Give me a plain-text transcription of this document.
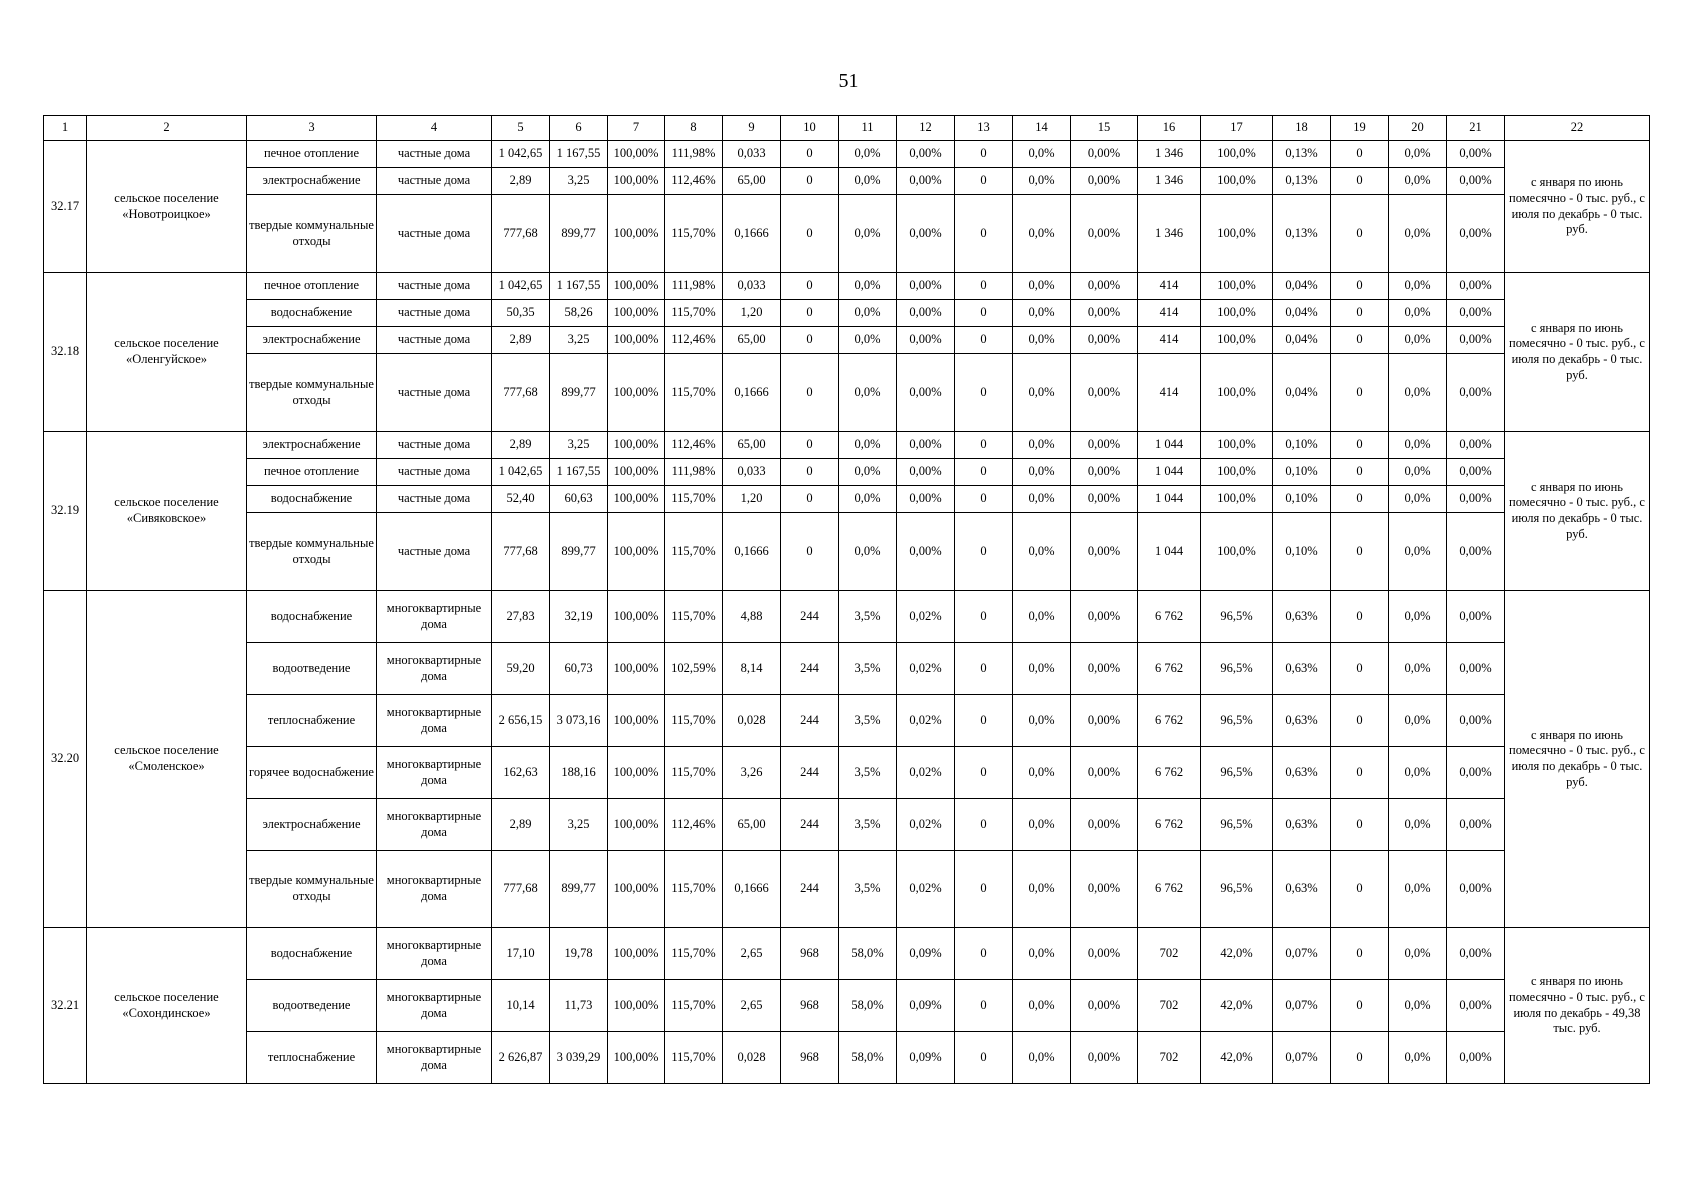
51
1	2	3	4	5	6	7	8	9	10	11	12	13	14	15	16	17	18	19	20	21	22
32.17	сельское поселение «Новотроицкое»	печное отопление	частные дома	1 042,65	1 167,55	100,00%	111,98%	0,033	0	0,0%	0,00%	0	0,0%	0,00%	1 346	100,0%	0,13%	0	0,0%	0,00%	с января по июнь помесячно - 0 тыс. руб., с июля по декабрь - 0 тыс. руб.
		электроснабжение	частные дома	2,89	3,25	100,00%	112,46%	65,00	0	0,0%	0,00%	0	0,0%	0,00%	1 346	100,0%	0,13%	0	0,0%	0,00%	
		твердые коммунальные отходы	частные дома	777,68	899,77	100,00%	115,70%	0,1666	0	0,0%	0,00%	0	0,0%	0,00%	1 346	100,0%	0,13%	0	0,0%	0,00%	
32.18	сельское поселение «Оленгуйское»	печное отопление	частные дома	1 042,65	1 167,55	100,00%	111,98%	0,033	0	0,0%	0,00%	0	0,0%	0,00%	414	100,0%	0,04%	0	0,0%	0,00%	с января по июнь помесячно - 0 тыс. руб., с июля по декабрь - 0 тыс. руб.
		водоснабжение	частные дома	50,35	58,26	100,00%	115,70%	1,20	0	0,0%	0,00%	0	0,0%	0,00%	414	100,0%	0,04%	0	0,0%	0,00%	
		электроснабжение	частные дома	2,89	3,25	100,00%	112,46%	65,00	0	0,0%	0,00%	0	0,0%	0,00%	414	100,0%	0,04%	0	0,0%	0,00%	
		твердые коммунальные отходы	частные дома	777,68	899,77	100,00%	115,70%	0,1666	0	0,0%	0,00%	0	0,0%	0,00%	414	100,0%	0,04%	0	0,0%	0,00%	
32.19	сельское поселение «Сивяковское»	электроснабжение	частные дома	2,89	3,25	100,00%	112,46%	65,00	0	0,0%	0,00%	0	0,0%	0,00%	1 044	100,0%	0,10%	0	0,0%	0,00%	с января по июнь помесячно - 0 тыс. руб., с июля по декабрь - 0 тыс. руб.
		печное отопление	частные дома	1 042,65	1 167,55	100,00%	111,98%	0,033	0	0,0%	0,00%	0	0,0%	0,00%	1 044	100,0%	0,10%	0	0,0%	0,00%	
		водоснабжение	частные дома	52,40	60,63	100,00%	115,70%	1,20	0	0,0%	0,00%	0	0,0%	0,00%	1 044	100,0%	0,10%	0	0,0%	0,00%	
		твердые коммунальные отходы	частные дома	777,68	899,77	100,00%	115,70%	0,1666	0	0,0%	0,00%	0	0,0%	0,00%	1 044	100,0%	0,10%	0	0,0%	0,00%	
32.20	сельское поселение «Смоленское»	водоснабжение	многоквартирные дома	27,83	32,19	100,00%	115,70%	4,88	244	3,5%	0,02%	0	0,0%	0,00%	6 762	96,5%	0,63%	0	0,0%	0,00%	с января по июнь помесячно - 0 тыс. руб., с июля по декабрь - 0 тыс. руб.
		водоотведение	многоквартирные дома	59,20	60,73	100,00%	102,59%	8,14	244	3,5%	0,02%	0	0,0%	0,00%	6 762	96,5%	0,63%	0	0,0%	0,00%	
		теплоснабжение	многоквартирные дома	2 656,15	3 073,16	100,00%	115,70%	0,028	244	3,5%	0,02%	0	0,0%	0,00%	6 762	96,5%	0,63%	0	0,0%	0,00%	
		горячее водоснабжение	многоквартирные дома	162,63	188,16	100,00%	115,70%	3,26	244	3,5%	0,02%	0	0,0%	0,00%	6 762	96,5%	0,63%	0	0,0%	0,00%	
		электроснабжение	многоквартирные дома	2,89	3,25	100,00%	112,46%	65,00	244	3,5%	0,02%	0	0,0%	0,00%	6 762	96,5%	0,63%	0	0,0%	0,00%	
		твердые коммунальные отходы	многоквартирные дома	777,68	899,77	100,00%	115,70%	0,1666	244	3,5%	0,02%	0	0,0%	0,00%	6 762	96,5%	0,63%	0	0,0%	0,00%	
32.21	сельское поселение «Сохондинское»	водоснабжение	многоквартирные дома	17,10	19,78	100,00%	115,70%	2,65	968	58,0%	0,09%	0	0,0%	0,00%	702	42,0%	0,07%	0	0,0%	0,00%	с января по июнь помесячно - 0 тыс. руб., с июля по декабрь - 49,38 тыс. руб.
		водоотведение	многоквартирные дома	10,14	11,73	100,00%	115,70%	2,65	968	58,0%	0,09%	0	0,0%	0,00%	702	42,0%	0,07%	0	0,0%	0,00%	
		теплоснабжение	многоквартирные дома	2 626,87	3 039,29	100,00%	115,70%	0,028	968	58,0%	0,09%	0	0,0%	0,00%	702	42,0%	0,07%	0	0,0%	0,00%	
